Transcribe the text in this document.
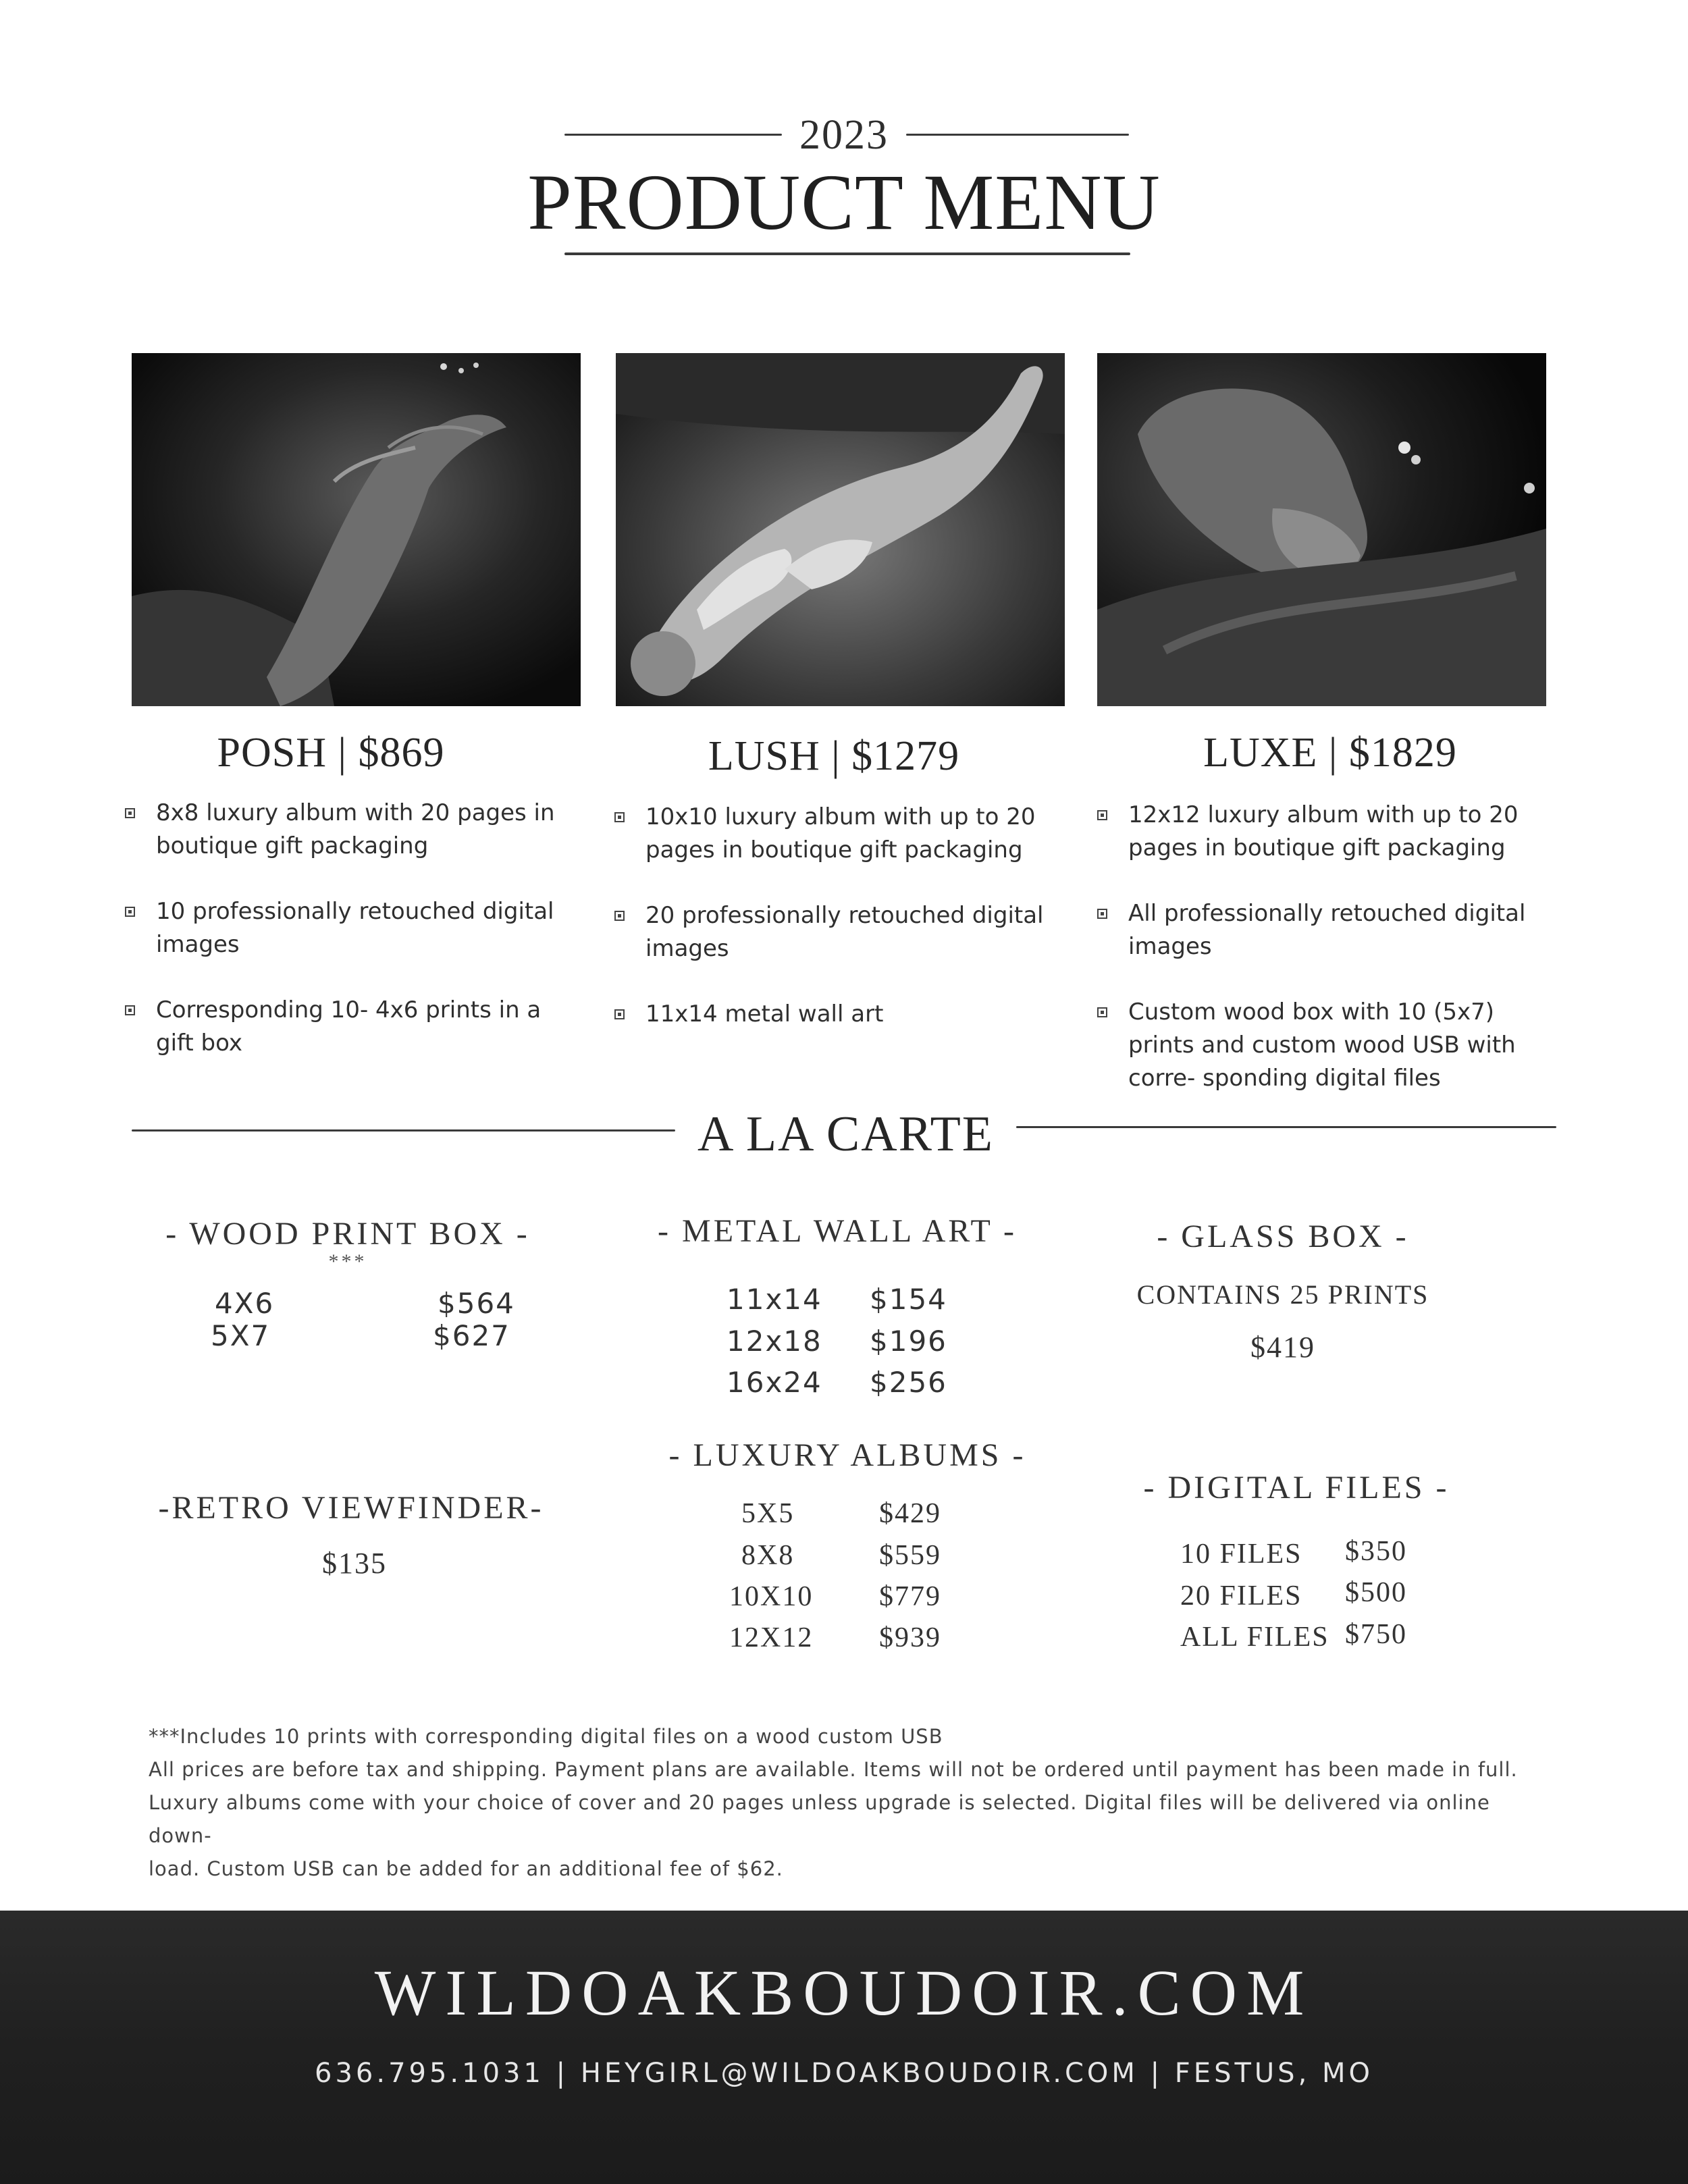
2023
PRODUCT MENU
POSH | $869
8x8 luxury album with 20 pages in boutique gift packaging
10 professionally retouched digital images
Corresponding 10- 4x6 prints in a gift box
LUSH | $1279
10x10 luxury album with up to 20 pages in boutique gift packaging
20 professionally retouched digital images
11x14 metal wall art
LUXE | $1829
12x12 luxury album with up to 20 pages in boutique gift packaging
All professionally retouched digital images
Custom wood box with 10 (5x7) prints and custom wood USB with corre- sponding digital files
A LA CARTE
- WOOD PRINT BOX -
***
4X6	$564
5X7	$627
- METAL WALL ART -
11x14 $154
12x18 $196
16x24 $256
- GLASS BOX -
CONTAINS 25 PRINTS
$419
-RETRO VIEWFINDER-
$135
- LUXURY ALBUMS -
5X5	$429
8X8	$559
10X10 $779
12X12 $939
- DIGITAL FILES -
10 FILES $350
20 FILES $500
ALL FILES $750
***Includes 10 prints with corresponding digital files on a wood custom USB
All prices are before tax and shipping. Payment plans are available. Items will not be ordered until payment has been made in full.
Luxury albums come with your choice of cover and 20 pages unless upgrade is selected. Digital files will be delivered via online down-
load. Custom USB can be added for an additional fee of $62.
WILDOAKBOUDOIR.COM
636.795.1031 | HEYGIRL@WILDOAKBOUDOIR.COM | FESTUS, MO
